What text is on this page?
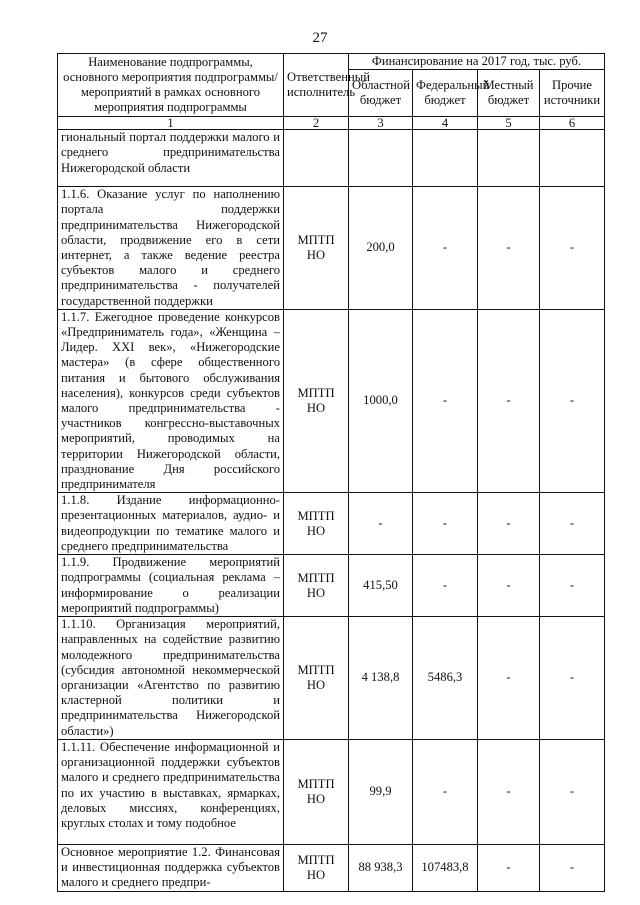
27
Наименование подпрограммы, основного мероприятия подпрограммы/мероприятий в рамках основного мероприятия подпрограммы	Ответственный исполнитель	Финансирование на 2017 год, тыс. руб.			
		Областной бюджет	Федеральный бюджет	Местный бюджет	Прочие источники
1	2	3	4	5	6
гиональный портал поддержки малого и среднего предпринимательства Нижегородской области					
1.1.6. Оказание услуг по наполнению портала поддержки предпринимательства Нижегородской области, продвижение его в сети интернет, а также ведение реестра субъектов малого и среднего предпринимательства - получателей государственной поддержки	МПТП НО	200,0	-	-	-
1.1.7. Ежегодное проведение конкурсов «Предприниматель года», «Женщина – Лидер. XXI век», «Нижегородские мастера» (в сфере общественного питания и бытового обслуживания населения), конкурсов среди субъектов малого предпринимательства - участников конгрессно-выставочных мероприятий, проводимых на территории Нижегородской области, празднование Дня российского предпринимателя	МПТП НО	1000,0	-	-	-
1.1.8. Издание информационно-презентационных материалов, аудио- и видеопродукции по тематике малого и среднего предпринимательства	МПТП НО	-	-	-	-
1.1.9. Продвижение мероприятий подпрограммы (социальная реклама – информирование о реализации мероприятий подпрограммы)	МПТП НО	415,50	-	-	-
1.1.10. Организация мероприятий, направленных на содействие развитию молодежного предпринимательства (субсидия автономной некоммерческой организации «Агентство по развитию кластерной политики и предпринимательства Нижегородской области»)	МПТП НО	4 138,8	5486,3	-	-
1.1.11. Обеспечение информационной и организационной поддержки субъектов малого и среднего предпринимательства по их участию в выставках, ярмарках, деловых миссиях, конференциях, круглых столах и тому подобное	МПТП НО	99,9	-	-	-
Основное мероприятие 1.2. Финансовая и инвестиционная поддержка субъектов малого и среднего предпри-	МПТП НО	88 938,3	107483,8	-	-
